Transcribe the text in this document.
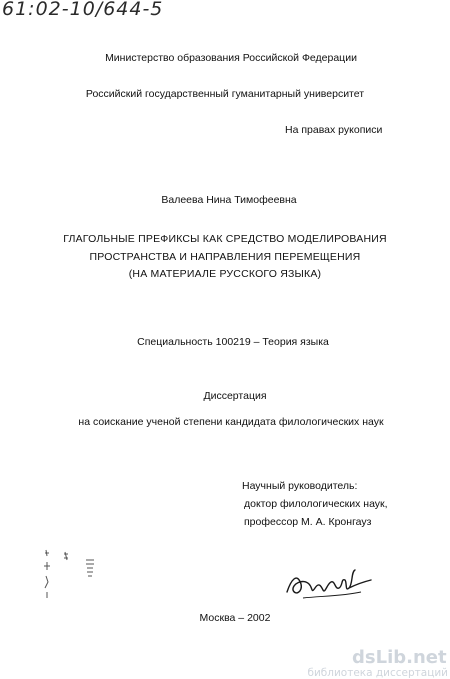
61:02-10/644-5
Министерство образования Российской Федерации
Российский государственный гуманитарный университет
На правах рукописи
Валеева Нина Тимофеевна
ГЛАГОЛЬНЫЕ ПРЕФИКСЫ КАК СРЕДСТВО МОДЕЛИРОВАНИЯ
ПРОСТРАНСТВА И НАПРАВЛЕНИЯ ПЕРЕМЕЩЕНИЯ
(НА МАТЕРИАЛЕ РУССКОГО ЯЗЫКА)
Специальность 100219 – Теория языка
Диссертация
на соискание ученой степени кандидата филологических наук
Научный руководитель:
доктор филологических наук,
профессор М. А. Кронгауз
Москва – 2002
dsLib.net
библиотека диссертаций
